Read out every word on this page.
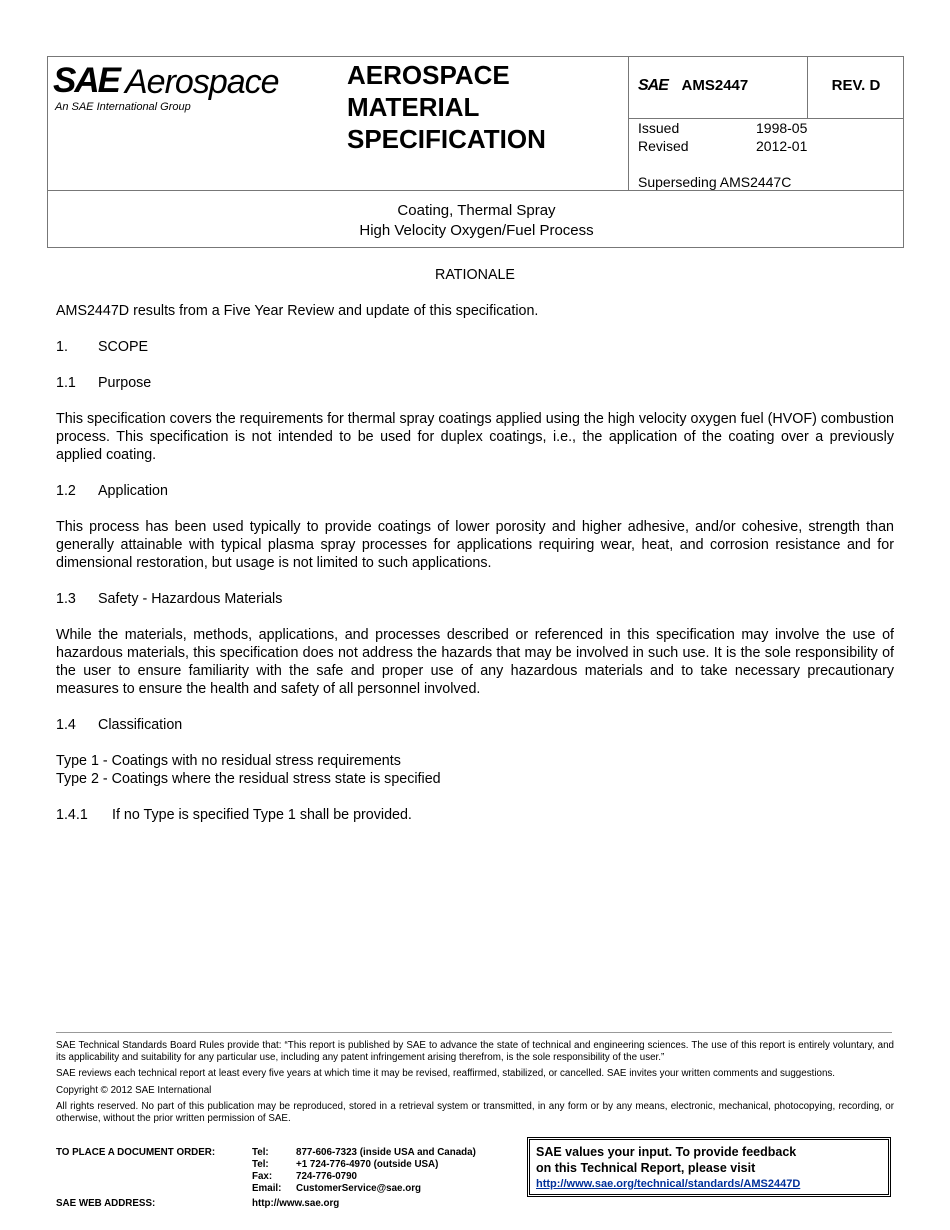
SAE Aerospace
An SAE International Group
AEROSPACE
MATERIAL
SPECIFICATION
SAE AMS2447	REV. D
Issued	1998-05
Revised	2012-01
Superseding AMS2447C
Coating, Thermal Spray
High Velocity Oxygen/Fuel Process

RATIONALE

AMS2447D results from a Five Year Review and update of this specification.

1.	SCOPE
1.1	Purpose

This specification covers the requirements for thermal spray coatings applied using the high velocity oxygen fuel (HVOF) combustion process. This specification is not intended to be used for duplex coatings, i.e., the application of the coating over a previously applied coating.

1.2	Application

This process has been used typically to provide coatings of lower porosity and higher adhesive, and/or cohesive, strength than generally attainable with typical plasma spray processes for applications requiring wear, heat, and corrosion resistance and for dimensional restoration, but usage is not limited to such applications.

1.3	Safety - Hazardous Materials

While the materials, methods, applications, and processes described or referenced in this specification may involve the use of hazardous materials, this specification does not address the hazards that may be involved in such use. It is the sole responsibility of the user to ensure familiarity with the safe and proper use of any hazardous materials and to take necessary precautionary measures to ensure the health and safety of all personnel involved.

1.4	Classification

Type 1 - Coatings with no residual stress requirements

Type 2 - Coatings where the residual stress state is specified

1.4.1	If no Type is specified Type 1 shall be provided.

SAE Technical Standards Board Rules provide that: “This report is published by SAE to advance the state of technical and engineering sciences. The use of this report is entirely voluntary, and its applicability and suitability for any particular use, including any patent infringement arising therefrom, is the sole responsibility of the user.”

SAE reviews each technical report at least every five years at which time it may be revised, reaffirmed, stabilized, or cancelled. SAE invites your written comments and suggestions.

Copyright © 2012 SAE International

All rights reserved. No part of this publication may be reproduced, stored in a retrieval system or transmitted, in any form or by any means, electronic, mechanical, photocopying, recording, or otherwise, without the prior written permission of SAE.

TO PLACE A DOCUMENT ORDER:	Tel:	877-606-7323 (inside USA and Canada)
Tel:	+1 724-776-4970 (outside USA)
Fax:	724-776-0790
Email:	CustomerService@sae.org
SAE WEB ADDRESS:	http://www.sae.org
SAE values your input. To provide feedback
on this Technical Report, please visit
http://www.sae.org/technical/standards/AMS2447D
